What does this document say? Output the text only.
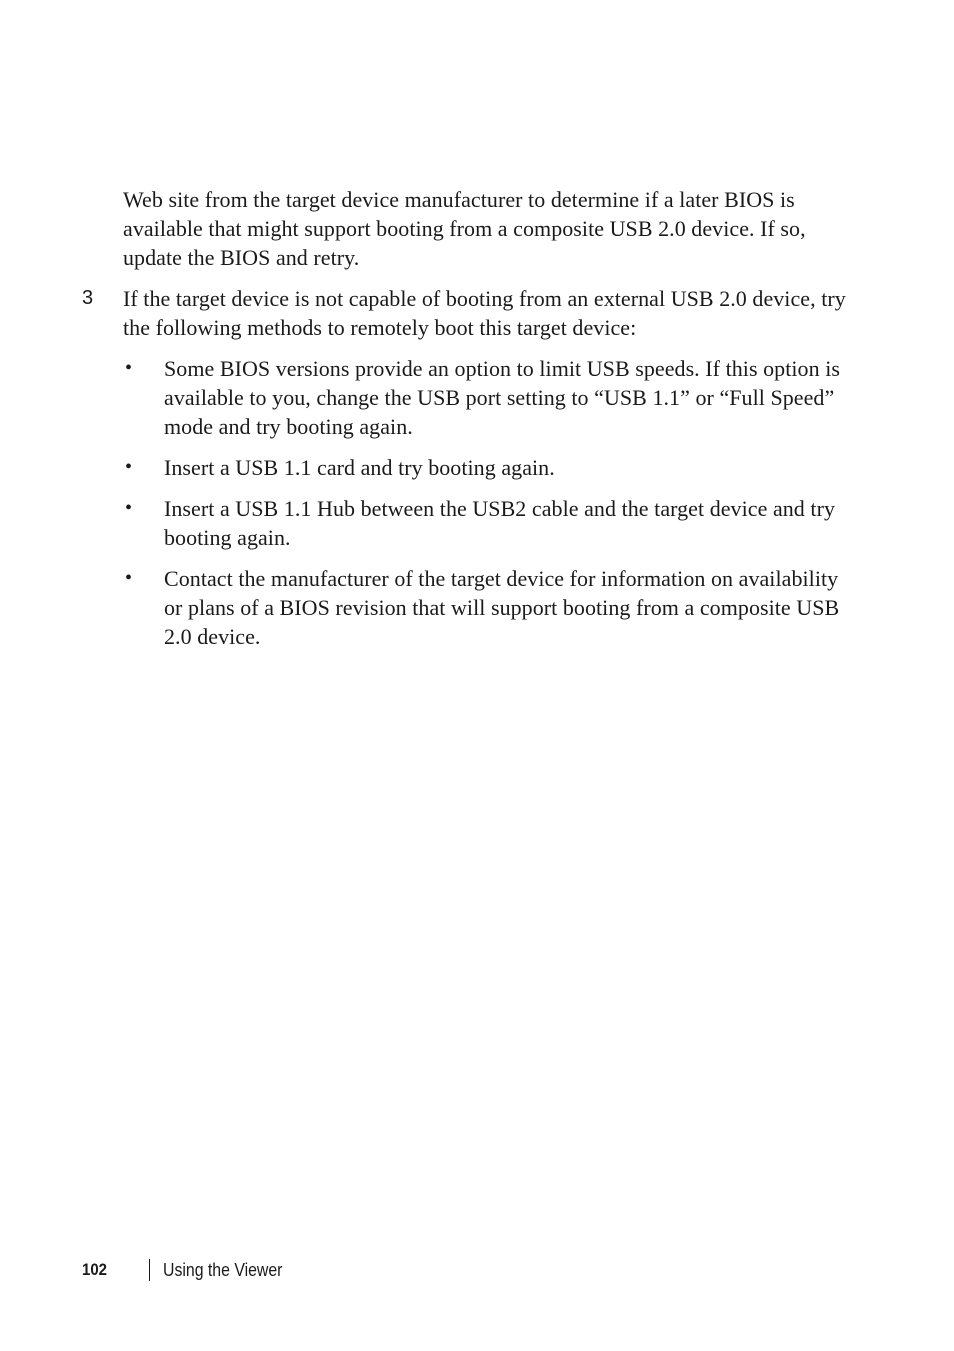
Web site from the target device manufacturer to determine if a later BIOS is available that might support booting from a composite USB 2.0 device. If so, update the BIOS and retry.

3 If the target device is not capable of booting from an external USB 2.0 device, try the following methods to remotely boot this target device:

• Some BIOS versions provide an option to limit USB speeds. If this option is available to you, change the USB port setting to “USB 1.1” or “Full Speed” mode and try booting again.
• Insert a USB 1.1 card and try booting again.
• Insert a USB 1.1 Hub between the USB2 cable and the target device and try booting again.
• Contact the manufacturer of the target device for information on availability or plans of a BIOS revision that will support booting from a composite USB 2.0 device.
102	Using the Viewer
